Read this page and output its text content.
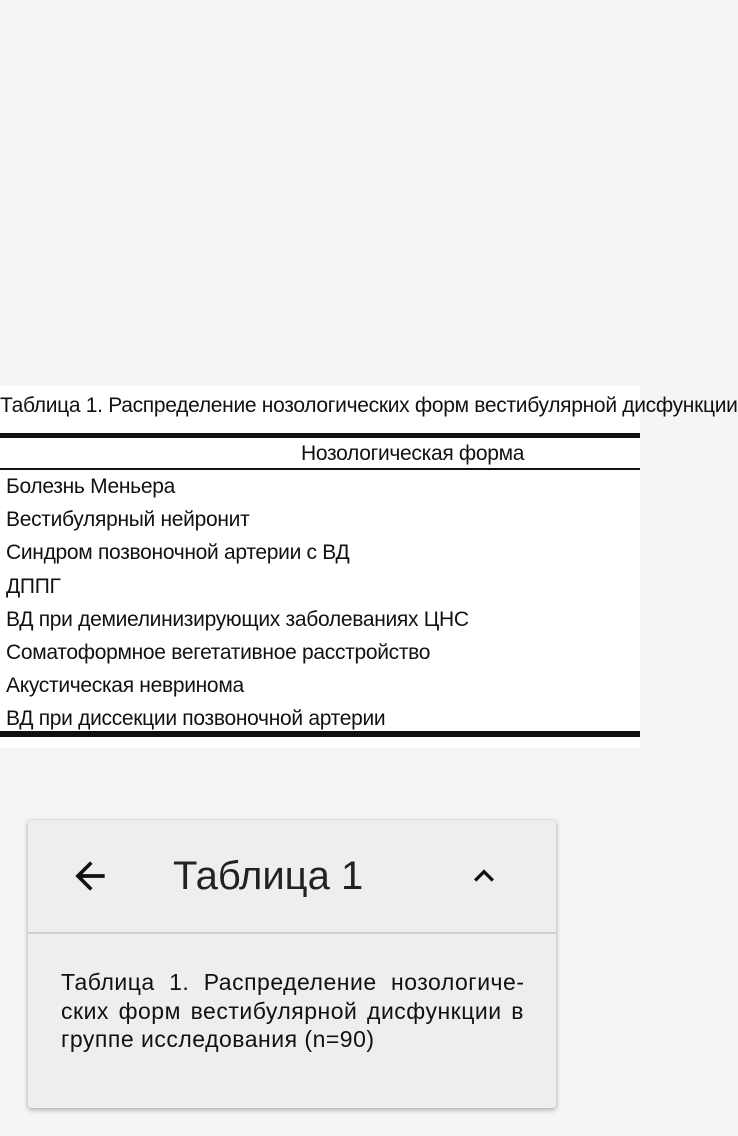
Таблица 1. Распределение нозологических форм вестибулярной дисфункции
Нозологическая форма
Болезнь Меньера
Вестибулярный нейронит
Синдром позвоночной артерии с ВД
ДППГ
ВД при демиелинизирующих заболеваниях ЦНС
Соматоформное вегетативное расстройство
Акустическая невринома
ВД при диссекции позвоночной артерии
Таблица 1
Таблица 1. Распределение нозологических форм вестибулярной дисфункции в группе исследования (n=90)
